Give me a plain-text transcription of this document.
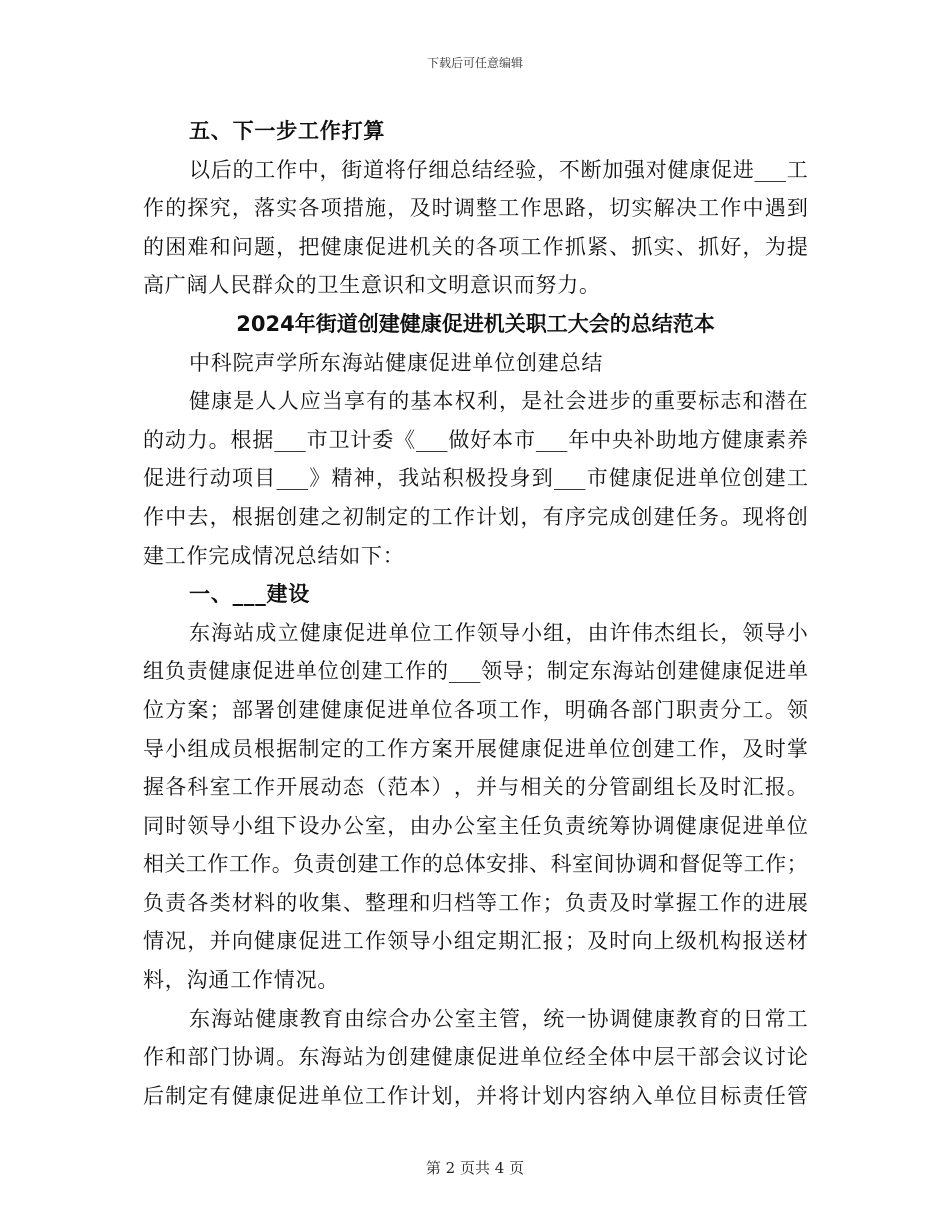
下载后可任意编辑
五、下一步工作打算
以 后 的 工 作 中 ， 街 道 将 仔 细 总 结 经 验 ， 不 断 加 强 对 健 康 促 进 ___ 工
作 的 探 究 ， 落 实 各 项 措 施 ， 及 时 调 整 工 作 思 路 ， 切 实 解 决 工 作 中 遇 到
的 困 难 和 问 题 ， 把 健 康 促 进 机 关 的 各 项 工 作 抓 紧 、 抓 实 、 抓 好 ， 为 提
高广阔人民群众的卫生意识和文明意识而努力。
2024年街道创建健康促进机关职工大会的总结范本
中科院声学所东海站健康促进单位创建总结
健 康 是 人 人 应 当 享 有 的 基 本 权 利 ， 是 社 会 进 步 的 重 要 标 志 和 潜 在
的 动 力 。 根 据 ___ 市 卫 计 委 《 ___ 做 好 本 市 ___ 年 中 央 补 助 地 方 健 康 素 养
促 进 行 动 项 目 ___ 》 精 神 ， 我 站 积 极 投 身 到 ___ 市 健 康 促 进 单 位 创 建 工
作 中 去 ， 根 据 创 建 之 初 制 定 的 工 作 计 划 ， 有 序 完 成 创 建 任 务 。 现 将 创
建工作完成情况总结如下：
一、___建设
东 海 站 成 立 健 康 促 进 单 位 工 作 领 导 小 组 ， 由 许 伟 杰 组 长 ， 领 导 小
组 负 责 健 康 促 进 单 位 创 建 工 作 的 ___ 领 导 ； 制 定 东 海 站 创 建 健 康 促 进 单
位 方 案 ； 部 署 创 建 健 康 促 进 单 位 各 项 工 作 ， 明 确 各 部 门 职 责 分 工 。 领
导 小 组 成 员 根 据 制 定 的 工 作 方 案 开 展 健 康 促 进 单 位 创 建 工 作 ， 及 时 掌
握 各 科 室 工 作 开 展 动 态 （ 范 本 ） ， 并 与 相 关 的 分 管 副 组 长 及 时 汇 报 。
同 时 领 导 小 组 下 设 办 公 室 ， 由 办 公 室 主 任 负 责 统 筹 协 调 健 康 促 进 单 位
相 关 工 作 工 作 。 负 责 创 建 工 作 的 总 体 安 排 、 科 室 间 协 调 和 督 促 等 工 作 ；
负 责 各 类 材 料 的 收 集 、 整 理 和 归 档 等 工 作 ； 负 责 及 时 掌 握 工 作 的 进 展
情 况 ， 并 向 健 康 促 进 工 作 领 导 小 组 定 期 汇 报 ； 及 时 向 上 级 机 构 报 送 材
料，沟通工作情况。
东 海 站 健 康 教 育 由 综 合 办 公 室 主 管 ， 统 一 协 调 健 康 教 育 的 日 常 工
作 和 部 门 协 调 。 东 海 站 为 创 建 健 康 促 进 单 位 经 全 体 中 层 干 部 会 议 讨 论
后 制 定 有 健 康 促 进 单 位 工 作 计 划 ， 并 将 计 划 内 容 纳 入 单 位 目 标 责 任 管
第 2 页共 4 页
